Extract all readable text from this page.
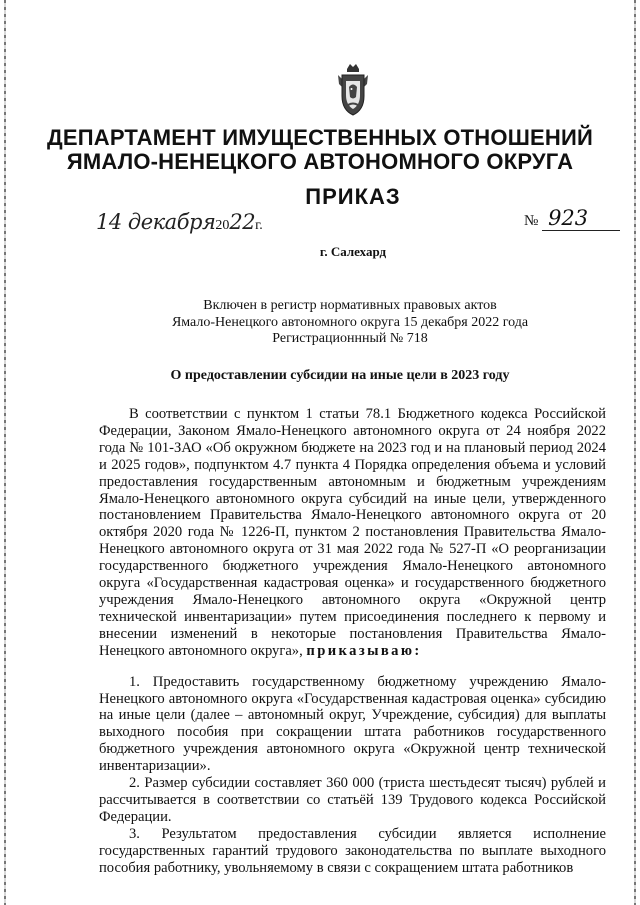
ДЕПАРТАМЕНТ ИМУЩЕСТВЕННЫХ ОТНОШЕНИЙ
ЯМАЛО-НЕНЕЦКОГО АВТОНОМНОГО ОКРУГА
ПРИКАЗ
14 декабря2022г.	№ 923
г. Салехард
Включен в регистр нормативных правовых актов
Ямало-Ненецкого автономного округа 15 декабря 2022 года
Регистрационнный № 718
О предоставлении субсидии на иные цели в 2023 году

В соответствии с пунктом 1 статьи 78.1 Бюджетного кодекса Российской Федерации, Законом Ямало-Ненецкого автономного округа от 24 ноября 2022 года № 101-ЗАО «Об окружном бюджете на 2023 год и на плановый период 2024 и 2025 годов», подпунктом 4.7 пункта 4 Порядка определения объема и условий предоставления государственным автономным и бюджетным учреждениям Ямало-Ненецкого автономного округа субсидий на иные цели, утвержденного постановлением Правительства Ямало-Ненецкого автономного округа от 20 октября 2020 года № 1226-П, пунктом 2 постановления Правительства Ямало-Ненецкого автономного округа от 31 мая 2022 года № 527-П «О реорганизации государственного бюджетного учреждения Ямало-Ненецкого автономного округа «Государственная кадастровая оценка» и государственного бюджетного учреждения Ямало-Ненецкого автономного округа «Окружной центр технической инвентаризации» путем присоединения последнего к первому и внесении изменений в некоторые постановления Правительства Ямало-Ненецкого автономного округа», приказываю:

1. Предоставить государственному бюджетному учреждению Ямало-Ненецкого автономного округа «Государственная кадастровая оценка» субсидию на иные цели (далее – автономный округ, Учреждение, субсидия) для выплаты выходного пособия при сокращении штата работников государственного бюджетного учреждения автономного округа «Окружной центр технической инвентаризации».

2. Размер субсидии составляет 360 000 (триста шестьдесят тысяч) рублей и рассчитывается в соответствии со статьёй 139 Трудового кодекса Российской Федерации.

3. Результатом предоставления субсидии является исполнение государственных гарантий трудового законодательства по выплате выходного пособия работнику, увольняемому в связи с сокращением штата работников
